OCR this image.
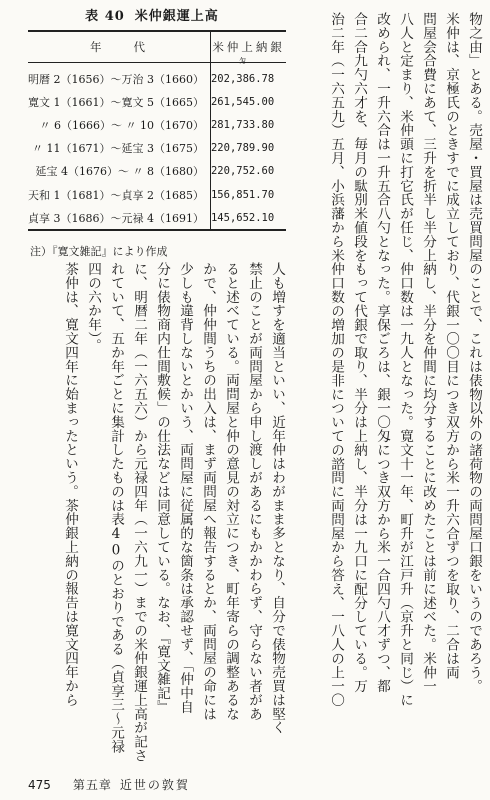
表 40 米仲銀運上高
年　　代	米仲上納銀
匁

明暦 2（1656）～万治 3（1660）	202,386.78
寛文 1（1661）～寛文 5（1665）	261,545.00
〃 6（1666）～ 〃 10（1670）	281,733.80
〃 11（1671）～延宝 3（1675）	220,789.90
延宝 4（1676）～ 〃 8（1680）	220,752.60
天和 1（1681）～貞享 2（1685）	156,851.70
貞享 3（1686）～元禄 4（1691）	145,652.10
注）『寛文雑記』により作成	物之由」とある。売屋・買屋は売買問屋のことで、これは俵物以外の諸荷物の両問屋口銀をいうのであろう。
米仲は、京極氏のときすでに成立しており、代銀一〇〇目につき双方から米一升六合ずつを取り、二合は両
問屋会合費にあて、三升を折半し半分上納し、半分を仲間に均分することに改めたことは前に述べた。米仲一
八人と定まり、米仲頭に打它氏が任じ、仲口数は一九人となった。寛文十一年、町升が江戸升（京升と同じ）に
改められ、一升六合は一升五合八勺となった。享保ごろは、銀一〇匁につき双方から米一合四勺八才ずつ、都
合二合九勺六才を、毎月の駄別米値段をもって代銀で取り、半分は上納し、半分は一九口に配分している。万
治二年（一六五九）五月、小浜藩から米仲口数の増加の是非についての諮問に両問屋から答え、一八人の上一〇
人も増すを適当といい、近年仲はわがまま多となり、自分で俵物売買は堅く
禁止のことが両問屋から申し渡しがあるにもかかわらず、守らない者があ
ると述べている。両問屋と仲の意見の対立につき、町年寄らの調整あるな
かで、仲仲間うちの出入は、まず両問屋へ報告するとか、両問屋の命には
少しも違背しないとかいう、両問屋に従属的な箇条は承認せず、「仲中自
分に俵物商内仕間敷候」の仕法などは同意している。なお、『寛文雑記』
に、明暦二年（一六五六）から元禄四年（一六九一）までの米仲銀運上高が記さ
れていて、五か年ごとに集計したものは表40のとおりである（貞享三～元禄
四の六か年）。
茶仲は、寛文四年に始まったという。茶仲銀上納の報告は寛文四年から
475 第五章 近世の敦賀
